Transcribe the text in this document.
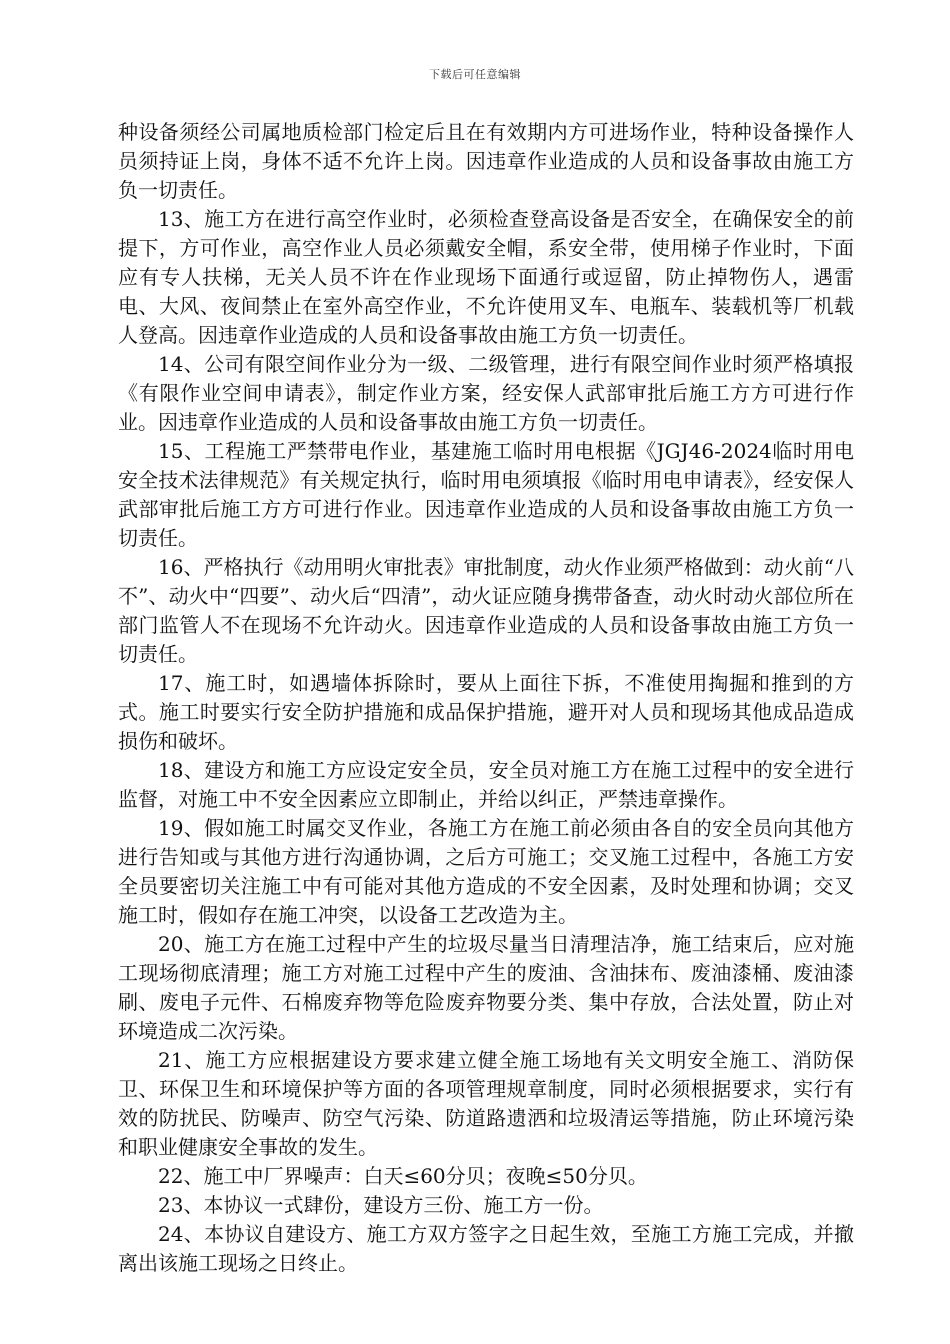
下载后可任意编辑

种设备须经公司属地质检部门检定后且在有效期内方可进场作业，特种设备操作人员须持证上岗，身体不适不允许上岗。因违章作业造成的人员和设备事故由施工方负一切责任。

13、施工方在进行高空作业时，必须检查登高设备是否安全，在确保安全的前提下，方可作业，高空作业人员必须戴安全帽，系安全带，使用梯子作业时，下面应有专人扶梯，无关人员不许在作业现场下面通行或逗留，防止掉物伤人，遇雷电、大风、夜间禁止在室外高空作业，不允许使用叉车、电瓶车、装载机等厂机载人登高。因违章作业造成的人员和设备事故由施工方负一切责任。

14、公司有限空间作业分为一级、二级管理，进行有限空间作业时须严格填报《有限作业空间申请表》，制定作业方案，经安保人武部审批后施工方方可进行作业。因违章作业造成的人员和设备事故由施工方负一切责任。

15、工程施工严禁带电作业，基建施工临时用电根据《JGJ46-2024临时用电安全技术法律规范》有关规定执行，临时用电须填报《临时用电申请表》，经安保人武部审批后施工方方可进行作业。因违章作业造成的人员和设备事故由施工方负一切责任。

16、严格执行《动用明火审批表》审批制度，动火作业须严格做到：动火前“八不”、动火中“四要”、动火后“四清”，动火证应随身携带备查，动火时动火部位所在部门监管人不在现场不允许动火。因违章作业造成的人员和设备事故由施工方负一切责任。

17、施工时，如遇墙体拆除时，要从上面往下拆，不准使用掏掘和推到的方式。施工时要实行安全防护措施和成品保护措施，避开对人员和现场其他成品造成损伤和破坏。

18、建设方和施工方应设定安全员，安全员对施工方在施工过程中的安全进行监督，对施工中不安全因素应立即制止，并给以纠正，严禁违章操作。

19、假如施工时属交叉作业，各施工方在施工前必须由各自的安全员向其他方进行告知或与其他方进行沟通协调，之后方可施工；交叉施工过程中，各施工方安全员要密切关注施工中有可能对其他方造成的不安全因素，及时处理和协调；交叉施工时，假如存在施工冲突，以设备工艺改造为主。

20、施工方在施工过程中产生的垃圾尽量当日清理洁净，施工结束后，应对施工现场彻底清理；施工方对施工过程中产生的废油、含油抹布、废油漆桶、废油漆刷、废电子元件、石棉废弃物等危险废弃物要分类、集中存放，合法处置，防止对环境造成二次污染。

21、施工方应根据建设方要求建立健全施工场地有关文明安全施工、消防保卫、环保卫生和环境保护等方面的各项管理规章制度，同时必须根据要求，实行有效的防扰民、防噪声、防空气污染、防道路遗洒和垃圾清运等措施，防止环境污染和职业健康安全事故的发生。

22、施工中厂界噪声：白天≤60分贝；夜晚≤50分贝。

23、本协议一式肆份，建设方三份、施工方一份。

24、本协议自建设方、施工方双方签字之日起生效，至施工方施工完成，并撤离出该施工现场之日终止。
